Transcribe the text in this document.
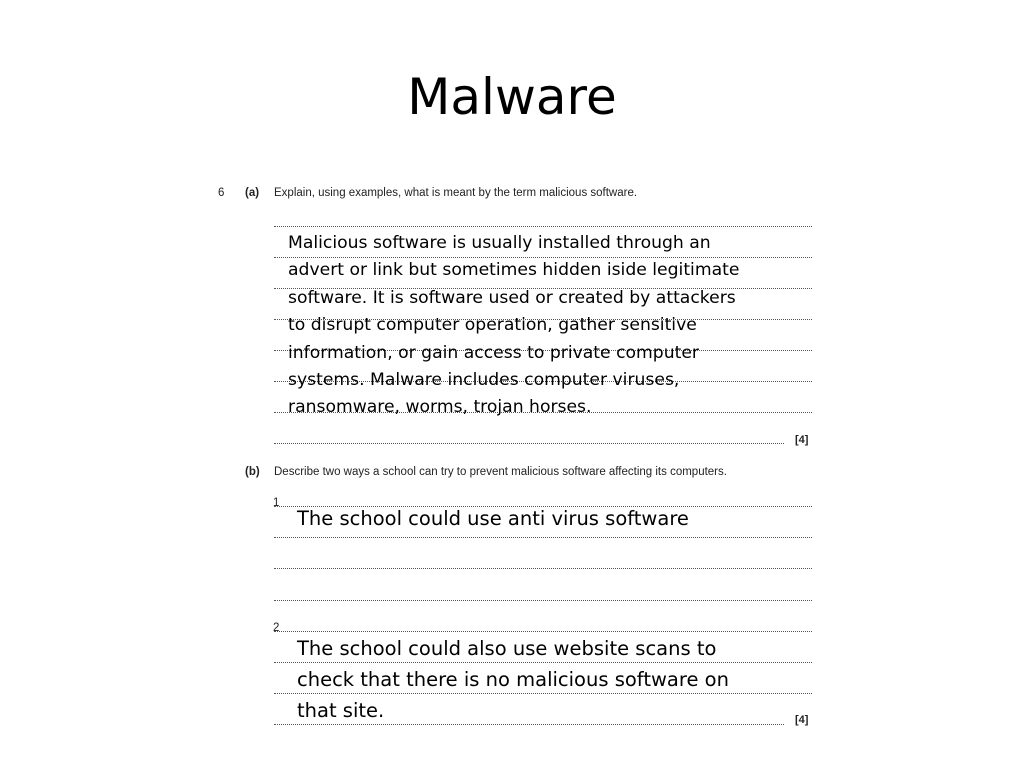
Malware
6 (a) Explain, using examples, what is meant by the term malicious software.
[4]

Malicious software is usually installed through an
advert or link but sometimes hidden iside legitimate
software. It is software used or created by attackers
to disrupt computer operation, gather sensitive
information, or gain access to private computer
systems. Malware includes computer viruses,
ransomware, worms, trojan horses.

(b) Describe two ways a school can try to prevent malicious software affecting its computers.
1

The school could use anti virus software

2
[4]

The school could also use website scans to
check that there is no malicious software on
that site.
